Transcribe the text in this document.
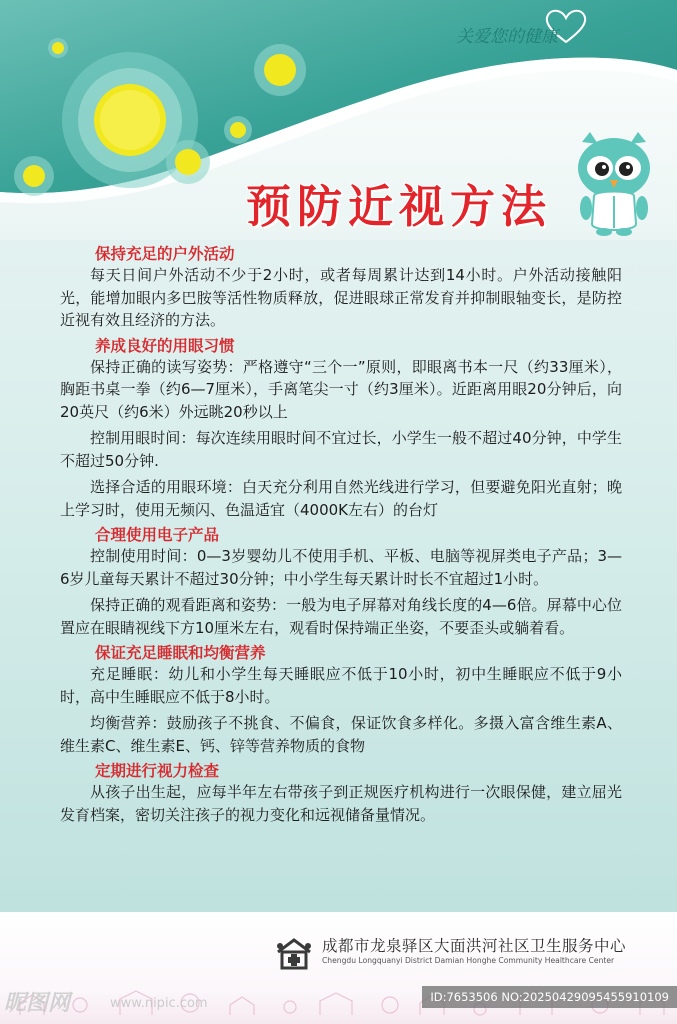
关爱您的健康
预防近视方法

保持充足的户外活动

每天日间户外活动不少于2小时，或者每周累计达到14小时。户外活动接触阳光，能增加眼内多巴胺等活性物质释放，促进眼球正常发育并抑制眼轴变长，是防控近视有效且经济的方法。

养成良好的用眼习惯

保持正确的读写姿势：严格遵守“三个一”原则，即眼离书本一尺（约33厘米），胸距书桌一拳（约6—7厘米），手离笔尖一寸（约3厘米）。近距离用眼20分钟后，向20英尺（约6米）外远眺20秒以上

控制用眼时间：每次连续用眼时间不宜过长，小学生一般不超过40分钟，中学生不超过50分钟.

选择合适的用眼环境：白天充分利用自然光线进行学习，但要避免阳光直射；晚上学习时，使用无频闪、色温适宜（4000K左右）的台灯

合理使用电子产品

控制使用时间：0—3岁婴幼儿不使用手机、平板、电脑等视屏类电子产品；3—6岁儿童每天累计不超过30分钟；中小学生每天累计时长不宜超过1小时。

保持正确的观看距离和姿势：一般为电子屏幕对角线长度的4—6倍。屏幕中心位置应在眼睛视线下方10厘米左右，观看时保持端正坐姿，不要歪头或躺着看。

保证充足睡眠和均衡营养

充足睡眠：幼儿和小学生每天睡眠应不低于10小时，初中生睡眠应不低于9小时，高中生睡眠应不低于8小时。

均衡营养：鼓励孩子不挑食、不偏食，保证饮食多样化。多摄入富含维生素A、维生素C、维生素E、钙、锌等营养物质的食物

定期进行视力检查

从孩子出生起，应每半年左右带孩子到正规医疗机构进行一次眼保健，建立屈光发育档案，密切关注孩子的视力变化和远视储备量情况。

成都市龙泉驿区大面洪河社区卫生服务中心
Chengdu Longquanyi District Damian Honghe Community Healthcare Center
昵图网	www.nipic.com	ID:7653506 NO:20250429095455910109
